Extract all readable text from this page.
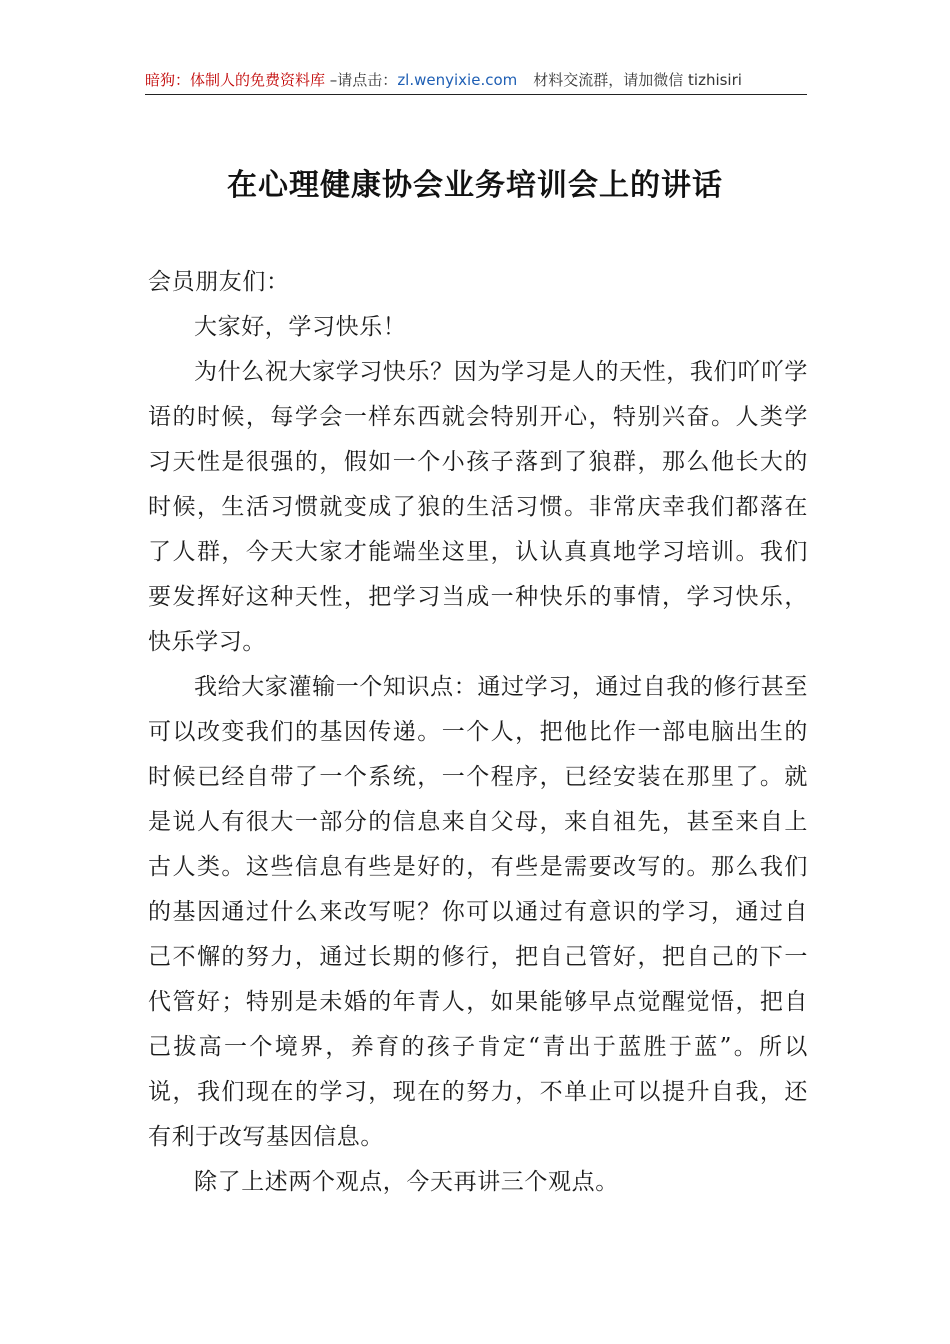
暗狗：体制人的免费资料库 –请点击：zl.wenyixie.com 材料交流群，请加微信 tizhisiri
在心理健康协会业务培训会上的讲话

会员朋友们：

大家好，学习快乐！

为什么祝大家学习快乐？因为学习是人的天性，我们吖吖学语的时候，每学会一样东西就会特别开心，特别兴奋。人类学习天性是很强的，假如一个小孩子落到了狼群，那么他长大的时候，生活习惯就变成了狼的生活习惯。非常庆幸我们都落在了人群，今天大家才能端坐这里，认认真真地学习培训。我们要发挥好这种天性，把学习当成一种快乐的事情，学习快乐，快乐学习。

我给大家灌输一个知识点：通过学习，通过自我的修行甚至可以改变我们的基因传递。一个人，把他比作一部电脑出生的时候已经自带了一个系统，一个程序，已经安装在那里了。就是说人有很大一部分的信息来自父母，来自祖先，甚至来自上古人类。这些信息有些是好的，有些是需要改写的。那么我们的基因通过什么来改写呢？你可以通过有意识的学习，通过自己不懈的努力，通过长期的修行，把自己管好，把自己的下一代管好；特别是未婚的年青人，如果能够早点觉醒觉悟，把自己拔高一个境界，养育的孩子肯定“青出于蓝胜于蓝”。所以说，我们现在的学习，现在的努力，不单止可以提升自我，还有利于改写基因信息。

除了上述两个观点，今天再讲三个观点。
